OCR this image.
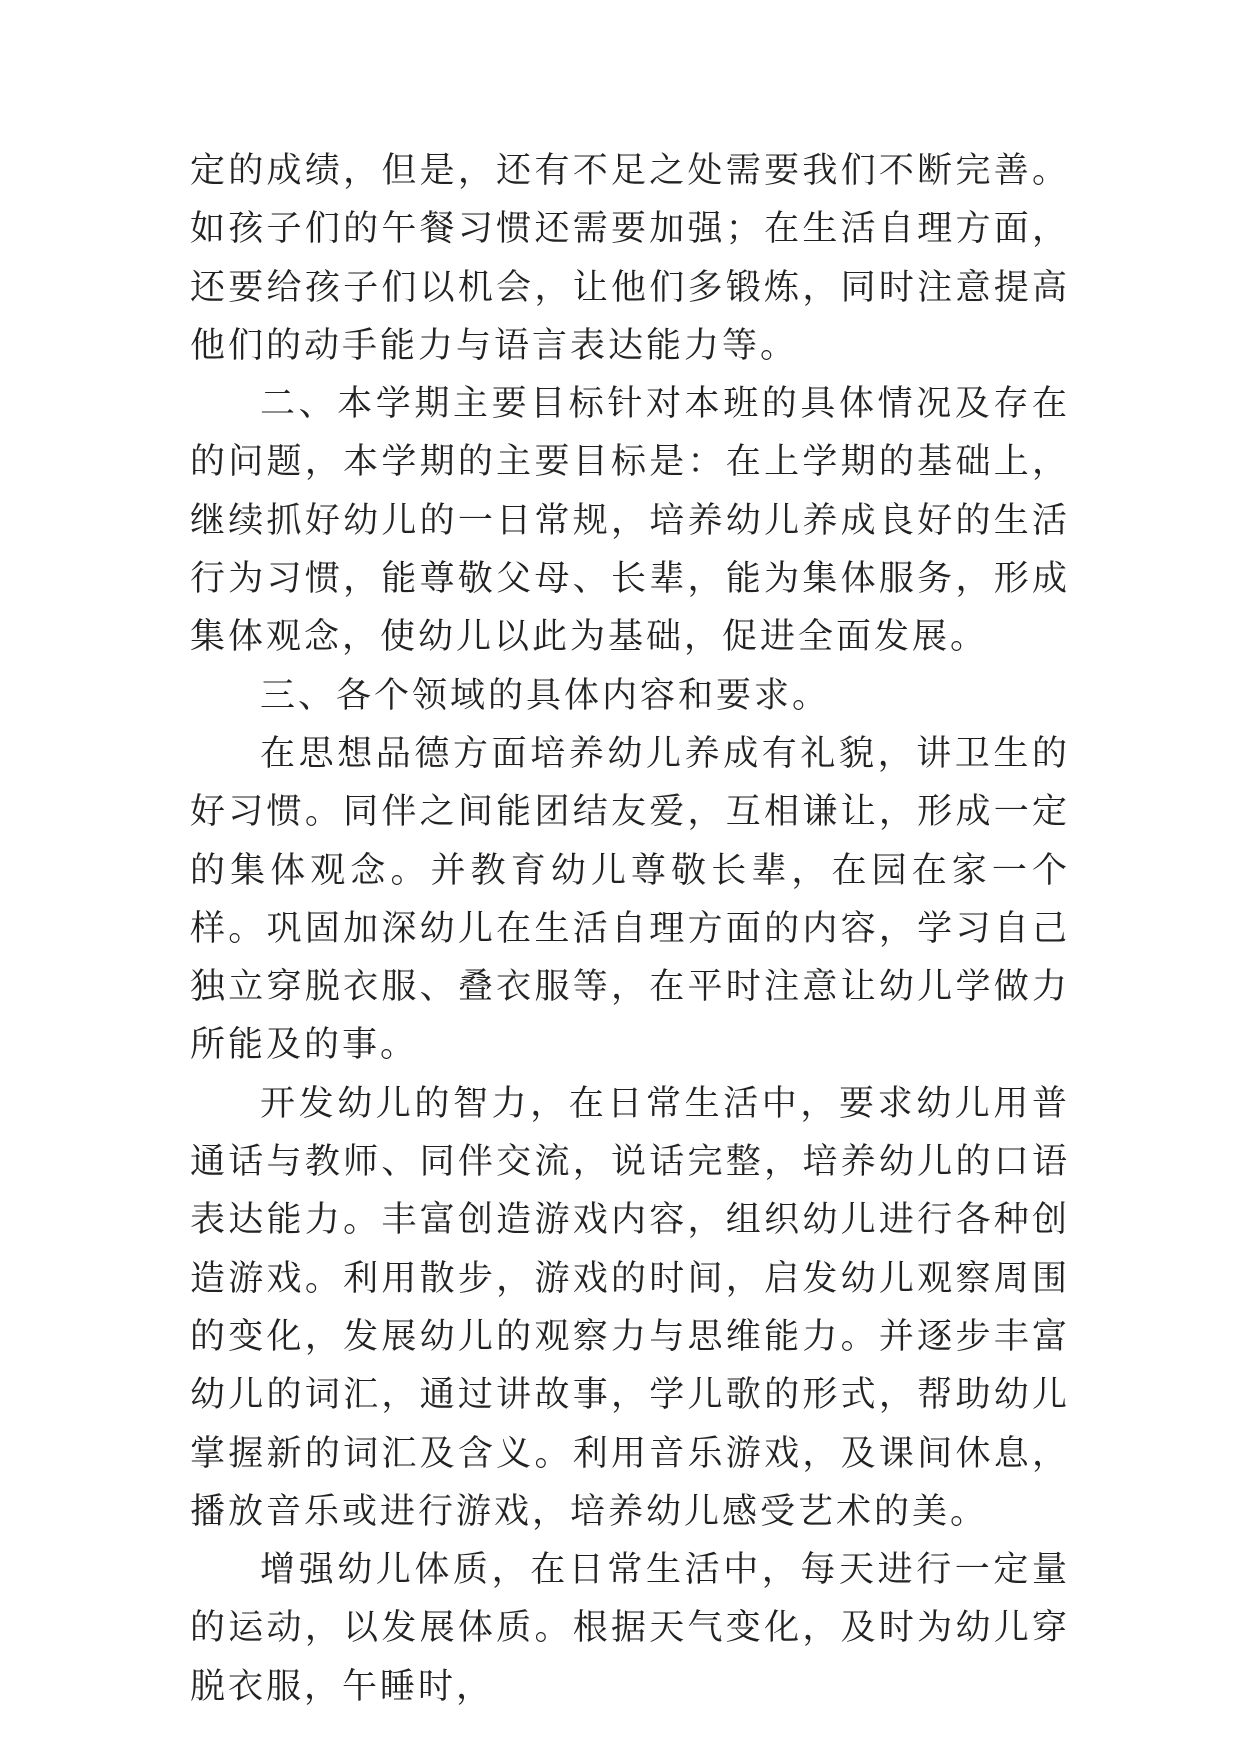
定的成绩，但是，还有不足之处需要我们不断完善。如孩子们的午餐习惯还需要加强；在生活自理方面，还要给孩子们以机会，让他们多锻炼，同时注意提高他们的动手能力与语言表达能力等。

二、本学期主要目标针对本班的具体情况及存在的问题，本学期的主要目标是：在上学期的基础上，继续抓好幼儿的一日常规，培养幼儿养成良好的生活行为习惯，能尊敬父母、长辈，能为集体服务，形成集体观念，使幼儿以此为基础，促进全面发展。

三、各个领域的具体内容和要求。

在思想品德方面培养幼儿养成有礼貌，讲卫生的好习惯。同伴之间能团结友爱，互相谦让，形成一定的集体观念。并教育幼儿尊敬长辈，在园在家一个样。巩固加深幼儿在生活自理方面的内容，学习自己独立穿脱衣服、叠衣服等，在平时注意让幼儿学做力所能及的事。

开发幼儿的智力，在日常生活中，要求幼儿用普通话与教师、同伴交流，说话完整，培养幼儿的口语表达能力。丰富创造游戏内容，组织幼儿进行各种创造游戏。利用散步，游戏的时间，启发幼儿观察周围的变化，发展幼儿的观察力与思维能力。并逐步丰富幼儿的词汇，通过讲故事，学儿歌的形式，帮助幼儿掌握新的词汇及含义。利用音乐游戏，及课间休息，播放音乐或进行游戏，培养幼儿感受艺术的美。

增强幼儿体质，在日常生活中，每天进行一定量的运动，以发展体质。根据天气变化，及时为幼儿穿脱衣服，午睡时，
